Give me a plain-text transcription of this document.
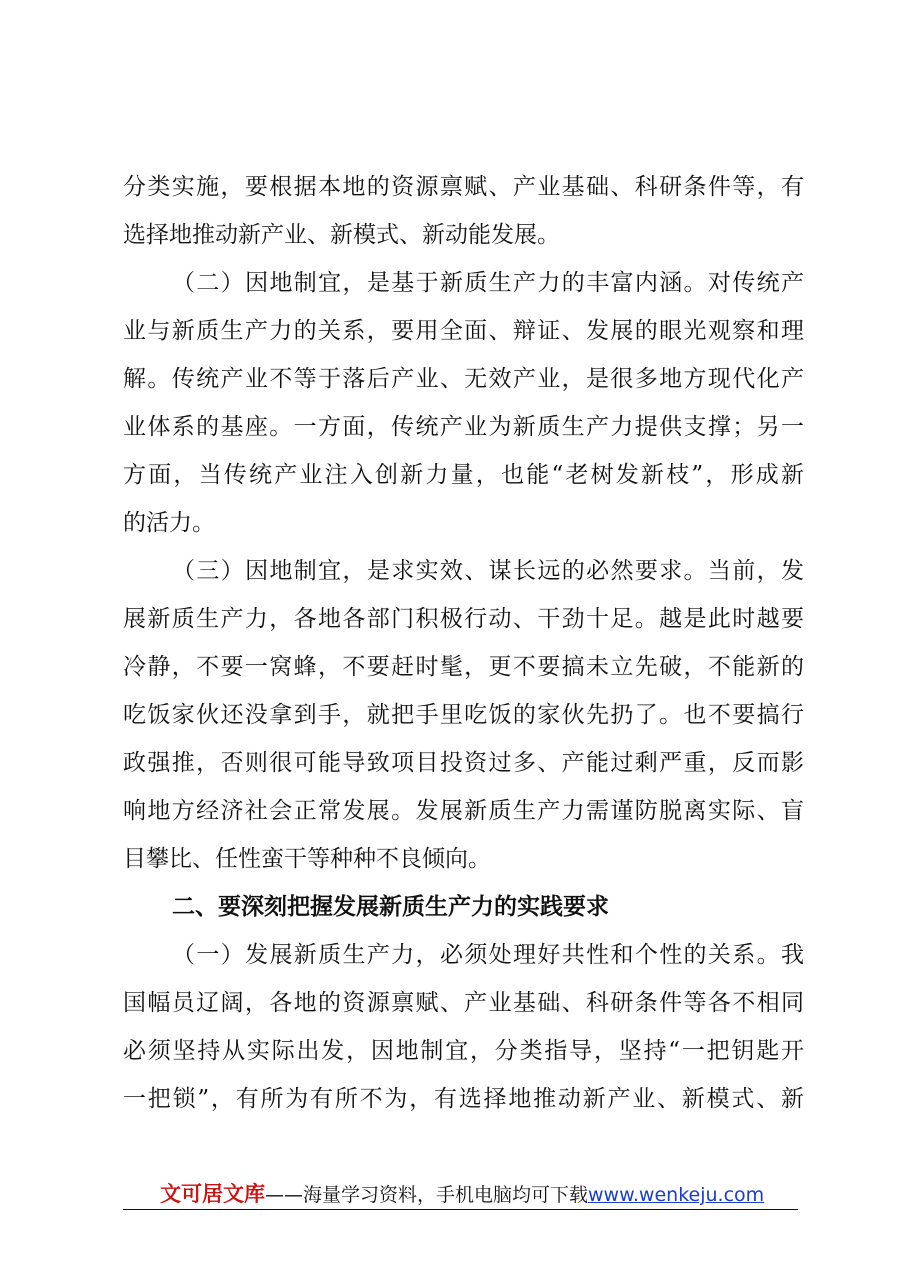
分类实施，要根据本地的资源禀赋、产业基础、科研条件等，有
选择地推动新产业、新模式、新动能发展。
（二）因地制宜，是基于新质生产力的丰富内涵。对传统产
业与新质生产力的关系，要用全面、辩证、发展的眼光观察和理
解。传统产业不等于落后产业、无效产业，是很多地方现代化产
业体系的基座。一方面，传统产业为新质生产力提供支撑；另一
方面，当传统产业注入创新力量，也能“老树发新枝”，形成新
的活力。
（三）因地制宜，是求实效、谋长远的必然要求。当前，发
展新质生产力，各地各部门积极行动、干劲十足。越是此时越要
冷静，不要一窝蜂，不要赶时髦，更不要搞未立先破，不能新的
吃饭家伙还没拿到手，就把手里吃饭的家伙先扔了。也不要搞行
政强推，否则很可能导致项目投资过多、产能过剩严重，反而影
响地方经济社会正常发展。发展新质生产力需谨防脱离实际、盲
目攀比、任性蛮干等种种不良倾向。
二、要深刻把握发展新质生产力的实践要求
（一）发展新质生产力，必须处理好共性和个性的关系。我
国幅员辽阔，各地的资源禀赋、产业基础、科研条件等各不相同
必须坚持从实际出发，因地制宜，分类指导，坚持“一把钥匙开
一把锁”，有所为有所不为，有选择地推动新产业、新模式、新
文可居文库——海量学习资料，手机电脑均可下载www.wenkeju.com
